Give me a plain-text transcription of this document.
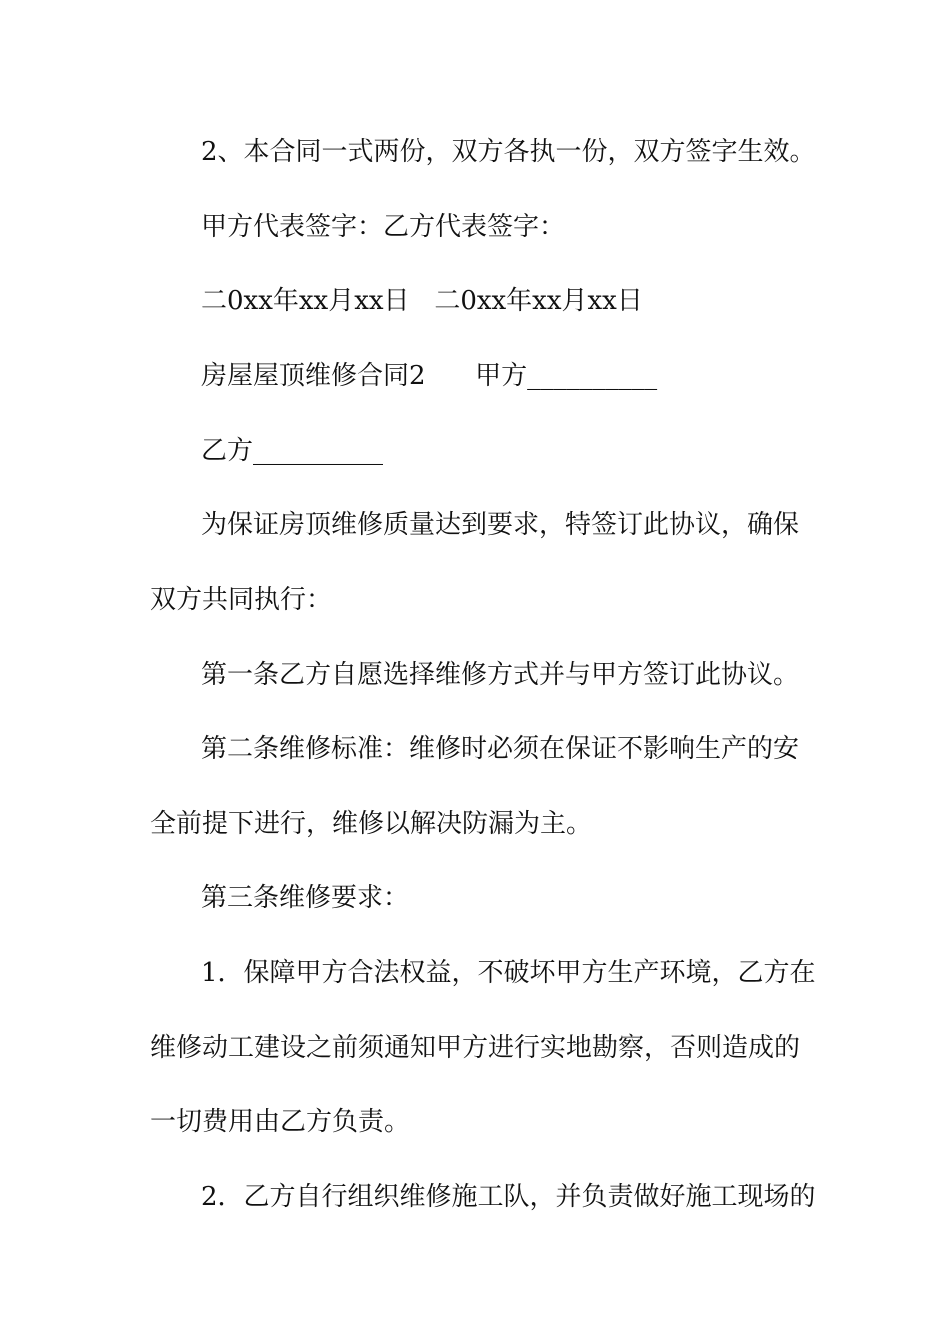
2、本合同一式两份，双方各执一份，双方签字生效。
甲方代表签字：乙方代表签字：
二0xx年xx月xx日   二0xx年xx月xx日
房屋屋顶维修合同2      甲方__________
乙方__________
为保证房顶维修质量达到要求，特签订此协议，确保
双方共同执行：
第一条乙方自愿选择维修方式并与甲方签订此协议。
第二条维修标准：维修时必须在保证不影响生产的安
全前提下进行，维修以解决防漏为主。
第三条维修要求：
1．保障甲方合法权益，不破坏甲方生产环境，乙方在
维修动工建设之前须通知甲方进行实地勘察，否则造成的
一切费用由乙方负责。
2．乙方自行组织维修施工队，并负责做好施工现场的
